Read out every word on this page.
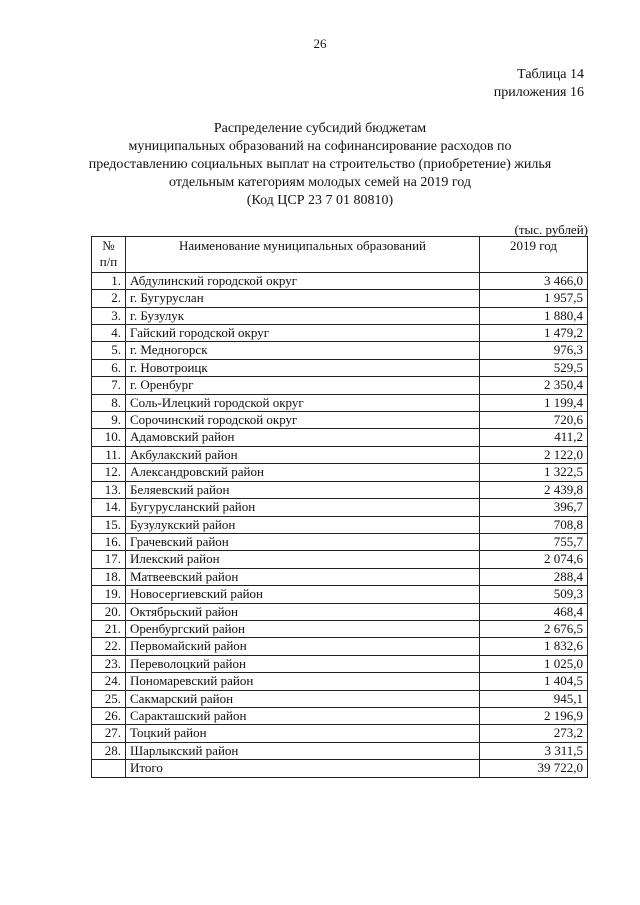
26
Таблица 14
приложения 16
Распределение субсидий бюджетам
муниципальных образований на софинансирование расходов по
предоставлению социальных выплат на строительство (приобретение) жилья
отдельным категориям молодых семей на 2019 год
(Код ЦСР 23 7 01 80810)
(тыс. рублей)
№
п/п	Наименование муниципальных образований	2019 год
1.	Абдулинский городской округ	3 466,0
2.	г. Бугуруслан	1 957,5
3.	г. Бузулук	1 880,4
4.	Гайский городской округ	1 479,2
5.	г. Медногорск	976,3
6.	г. Новотроицк	529,5
7.	г. Оренбург	2 350,4
8.	Соль-Илецкий городской округ	1 199,4
9.	Сорочинский городской округ	720,6
10.	Адамовский район	411,2
11.	Акбулакский район	2 122,0
12.	Александровский район	1 322,5
13.	Беляевский район	2 439,8
14.	Бугурусланский район	396,7
15.	Бузулукский район	708,8
16.	Грачевский район	755,7
17.	Илекский район	2 074,6
18.	Матвеевский район	288,4
19.	Новосергиевский район	509,3
20.	Октябрьский район	468,4
21.	Оренбургский район	2 676,5
22.	Первомайский район	1 832,6
23.	Переволоцкий район	1 025,0
24.	Пономаревский район	1 404,5
25.	Сакмарский район	945,1
26.	Саракташский район	2 196,9
27.	Тоцкий район	273,2
28.	Шарлыкский район	3 311,5
	Итого	39 722,0
